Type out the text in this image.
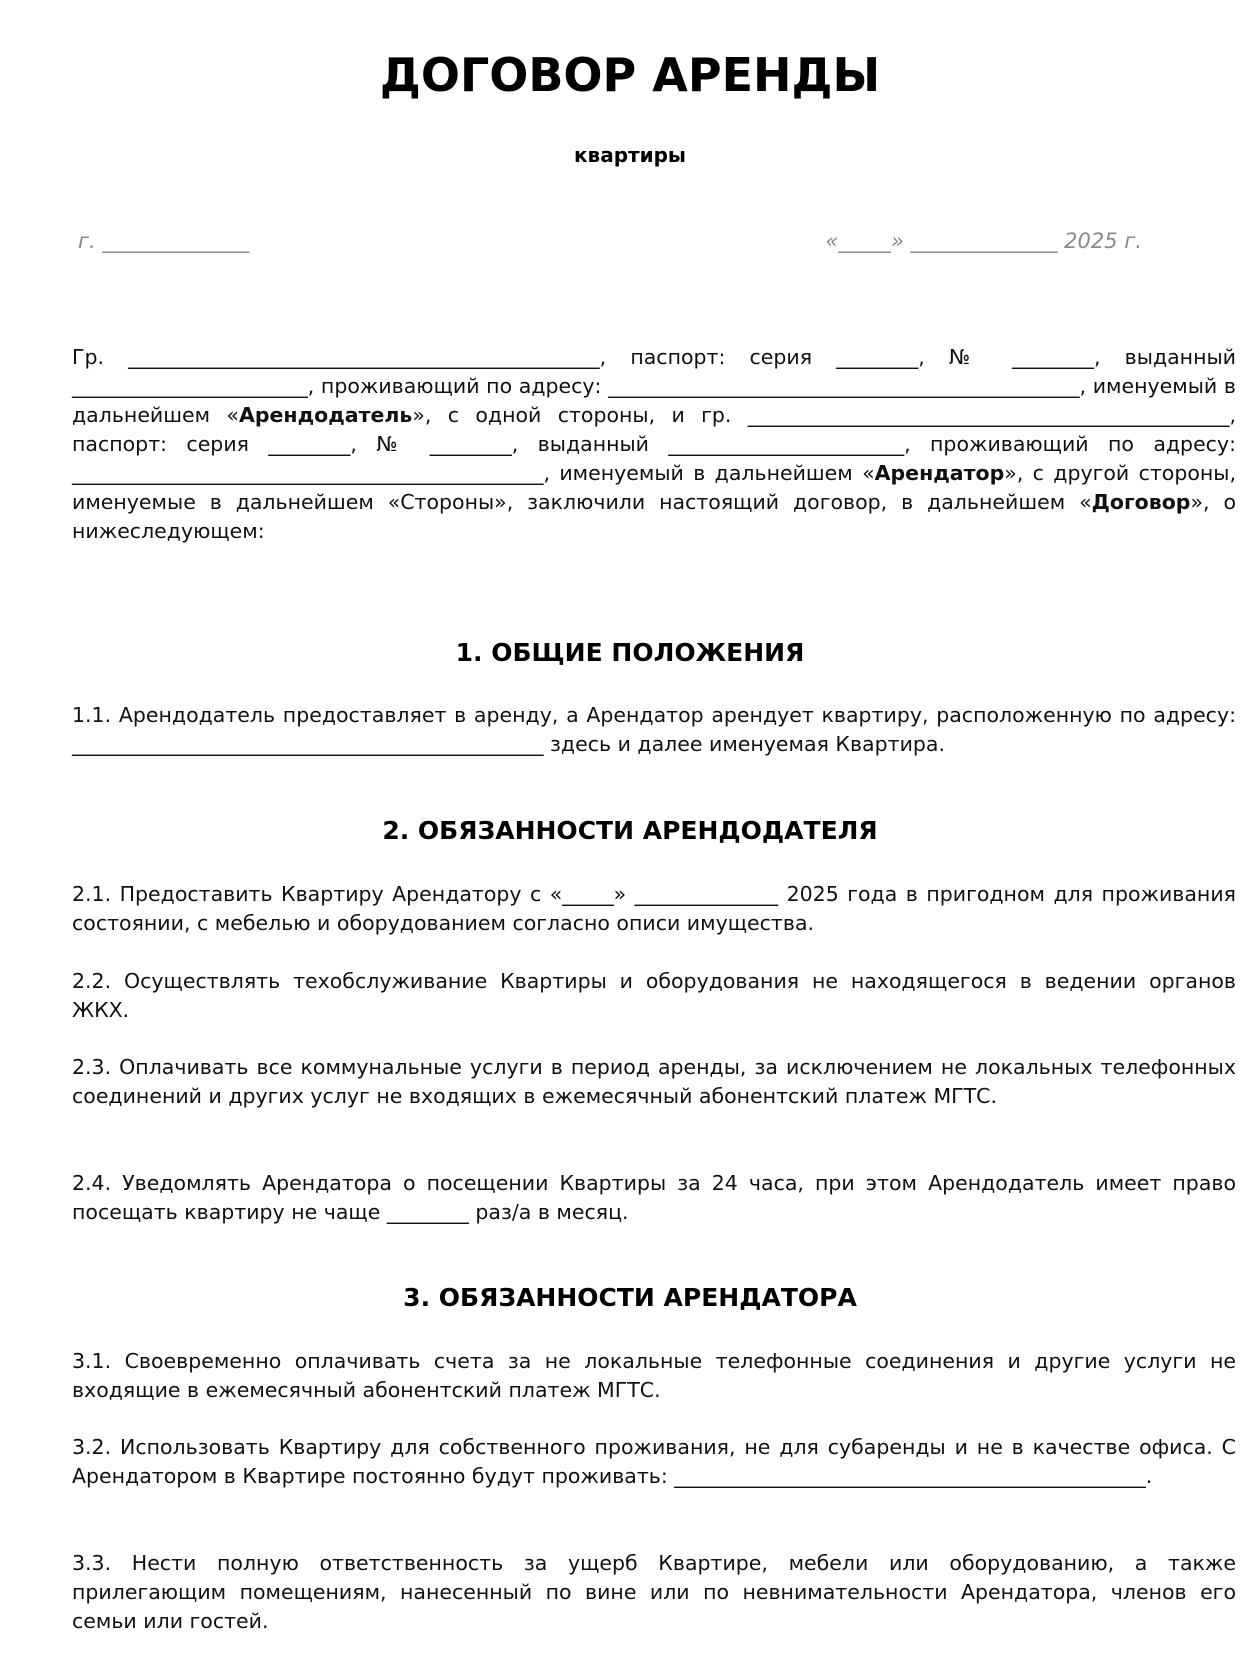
ДОГОВОР АРЕНДЫ
квартиры
г. ______________	«_____» ______________ 2025 г.
Гр. ______________________________________________, паспорт: серия ________, № ________, выданный _______________________, проживающий по адресу: ______________________________________________, именуемый в дальнейшем «Арендодатель», с одной стороны, и гр. _______________________________________________, паспорт: серия ________, № ________, выданный _______________________, проживающий по адресу: ______________________________________________, именуемый в дальнейшем «Арендатор», с другой стороны, именуемые в дальнейшем «Стороны», заключили настоящий договор, в дальнейшем «Договор», о нижеследующем:
1. ОБЩИЕ ПОЛОЖЕНИЯ
1.1. Арендодатель предоставляет в аренду, а Арендатор арендует квартиру, расположенную по адресу: ______________________________________________ здесь и далее именуемая Квартира.
2. ОБЯЗАННОСТИ АРЕНДОДАТЕЛЯ
2.1. Предоставить Квартиру Арендатору с «_____» ______________ 2025 года в пригодном для проживания состоянии, с мебелью и оборудованием согласно описи имущества.
2.2. Осуществлять техобслуживание Квартиры и оборудования не находящегося в ведении органов ЖКХ.
2.3. Оплачивать все коммунальные услуги в период аренды, за исключением не локальных телефонных соединений и других услуг не входящих в ежемесячный абонентский платеж МГТС.
2.4. Уведомлять Арендатора о посещении Квартиры за 24 часа, при этом Арендодатель имеет право посещать квартиру не чаще ________ раз/а в месяц.
3. ОБЯЗАННОСТИ АРЕНДАТОРА
3.1. Своевременно оплачивать счета за не локальные телефонные соединения и другие услуги не входящие в ежемесячный абонентский платеж МГТС.
3.2. Использовать Квартиру для собственного проживания, не для субаренды и не в качестве офиса. С Арендатором в Квартире постоянно будут проживать: ______________________________________________.
3.3. Нести полную ответственность за ущерб Квартире, мебели или оборудованию, а также прилегающим помещениям, нанесенный по вине или по невнимательности Арендатора, членов его семьи или гостей.
